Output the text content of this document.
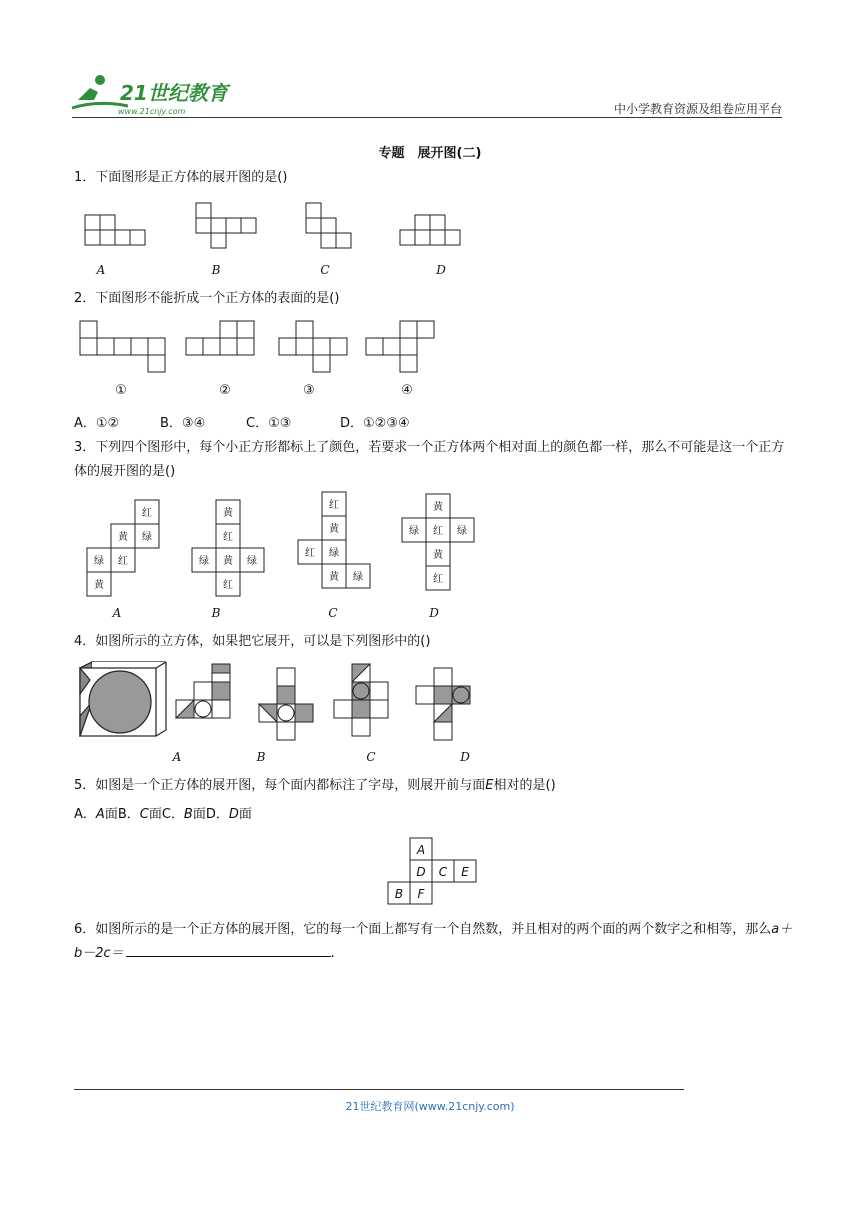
21世纪教育
www.21cnjy.com	中小学教育资源及组卷应用平台
专题　展开图(二)
1．下面图形是正方体的展开图的是()
A	B	C	D
2．下面图形不能折成一个正方体的表面的是()
①	②	③	④
A．①②	B．③④	C．①③	D．①②③④
3．下列四个图形中，每个小正方形都标上了颜色，若要求一个正方体两个相对面上的颜色都一样，那么不可能是这一个正方体的展开图的是()
红
黄 绿
绿 红
黄
黄
红
绿 黄 绿
红
红
黄
红 绿
黄 绿
黄
绿 红 绿
黄
红
A	B	C	D
4．如图所示的立方体，如果把它展开，可以是下列图形中的()
A	B	C	D
5．如图是一个正方体的展开图，每个面内都标注了字母，则展开前与面E相对的是()
A．A面B．C面C．B面D．D面
A
D C E
B F
6．如图所示的是一个正方体的展开图，它的每一个面上都写有一个自然数，并且相对的两个面的两个数字之和相等，那么a＋b－2c＝	.
21世纪教育网(www.21cnjy.com)
